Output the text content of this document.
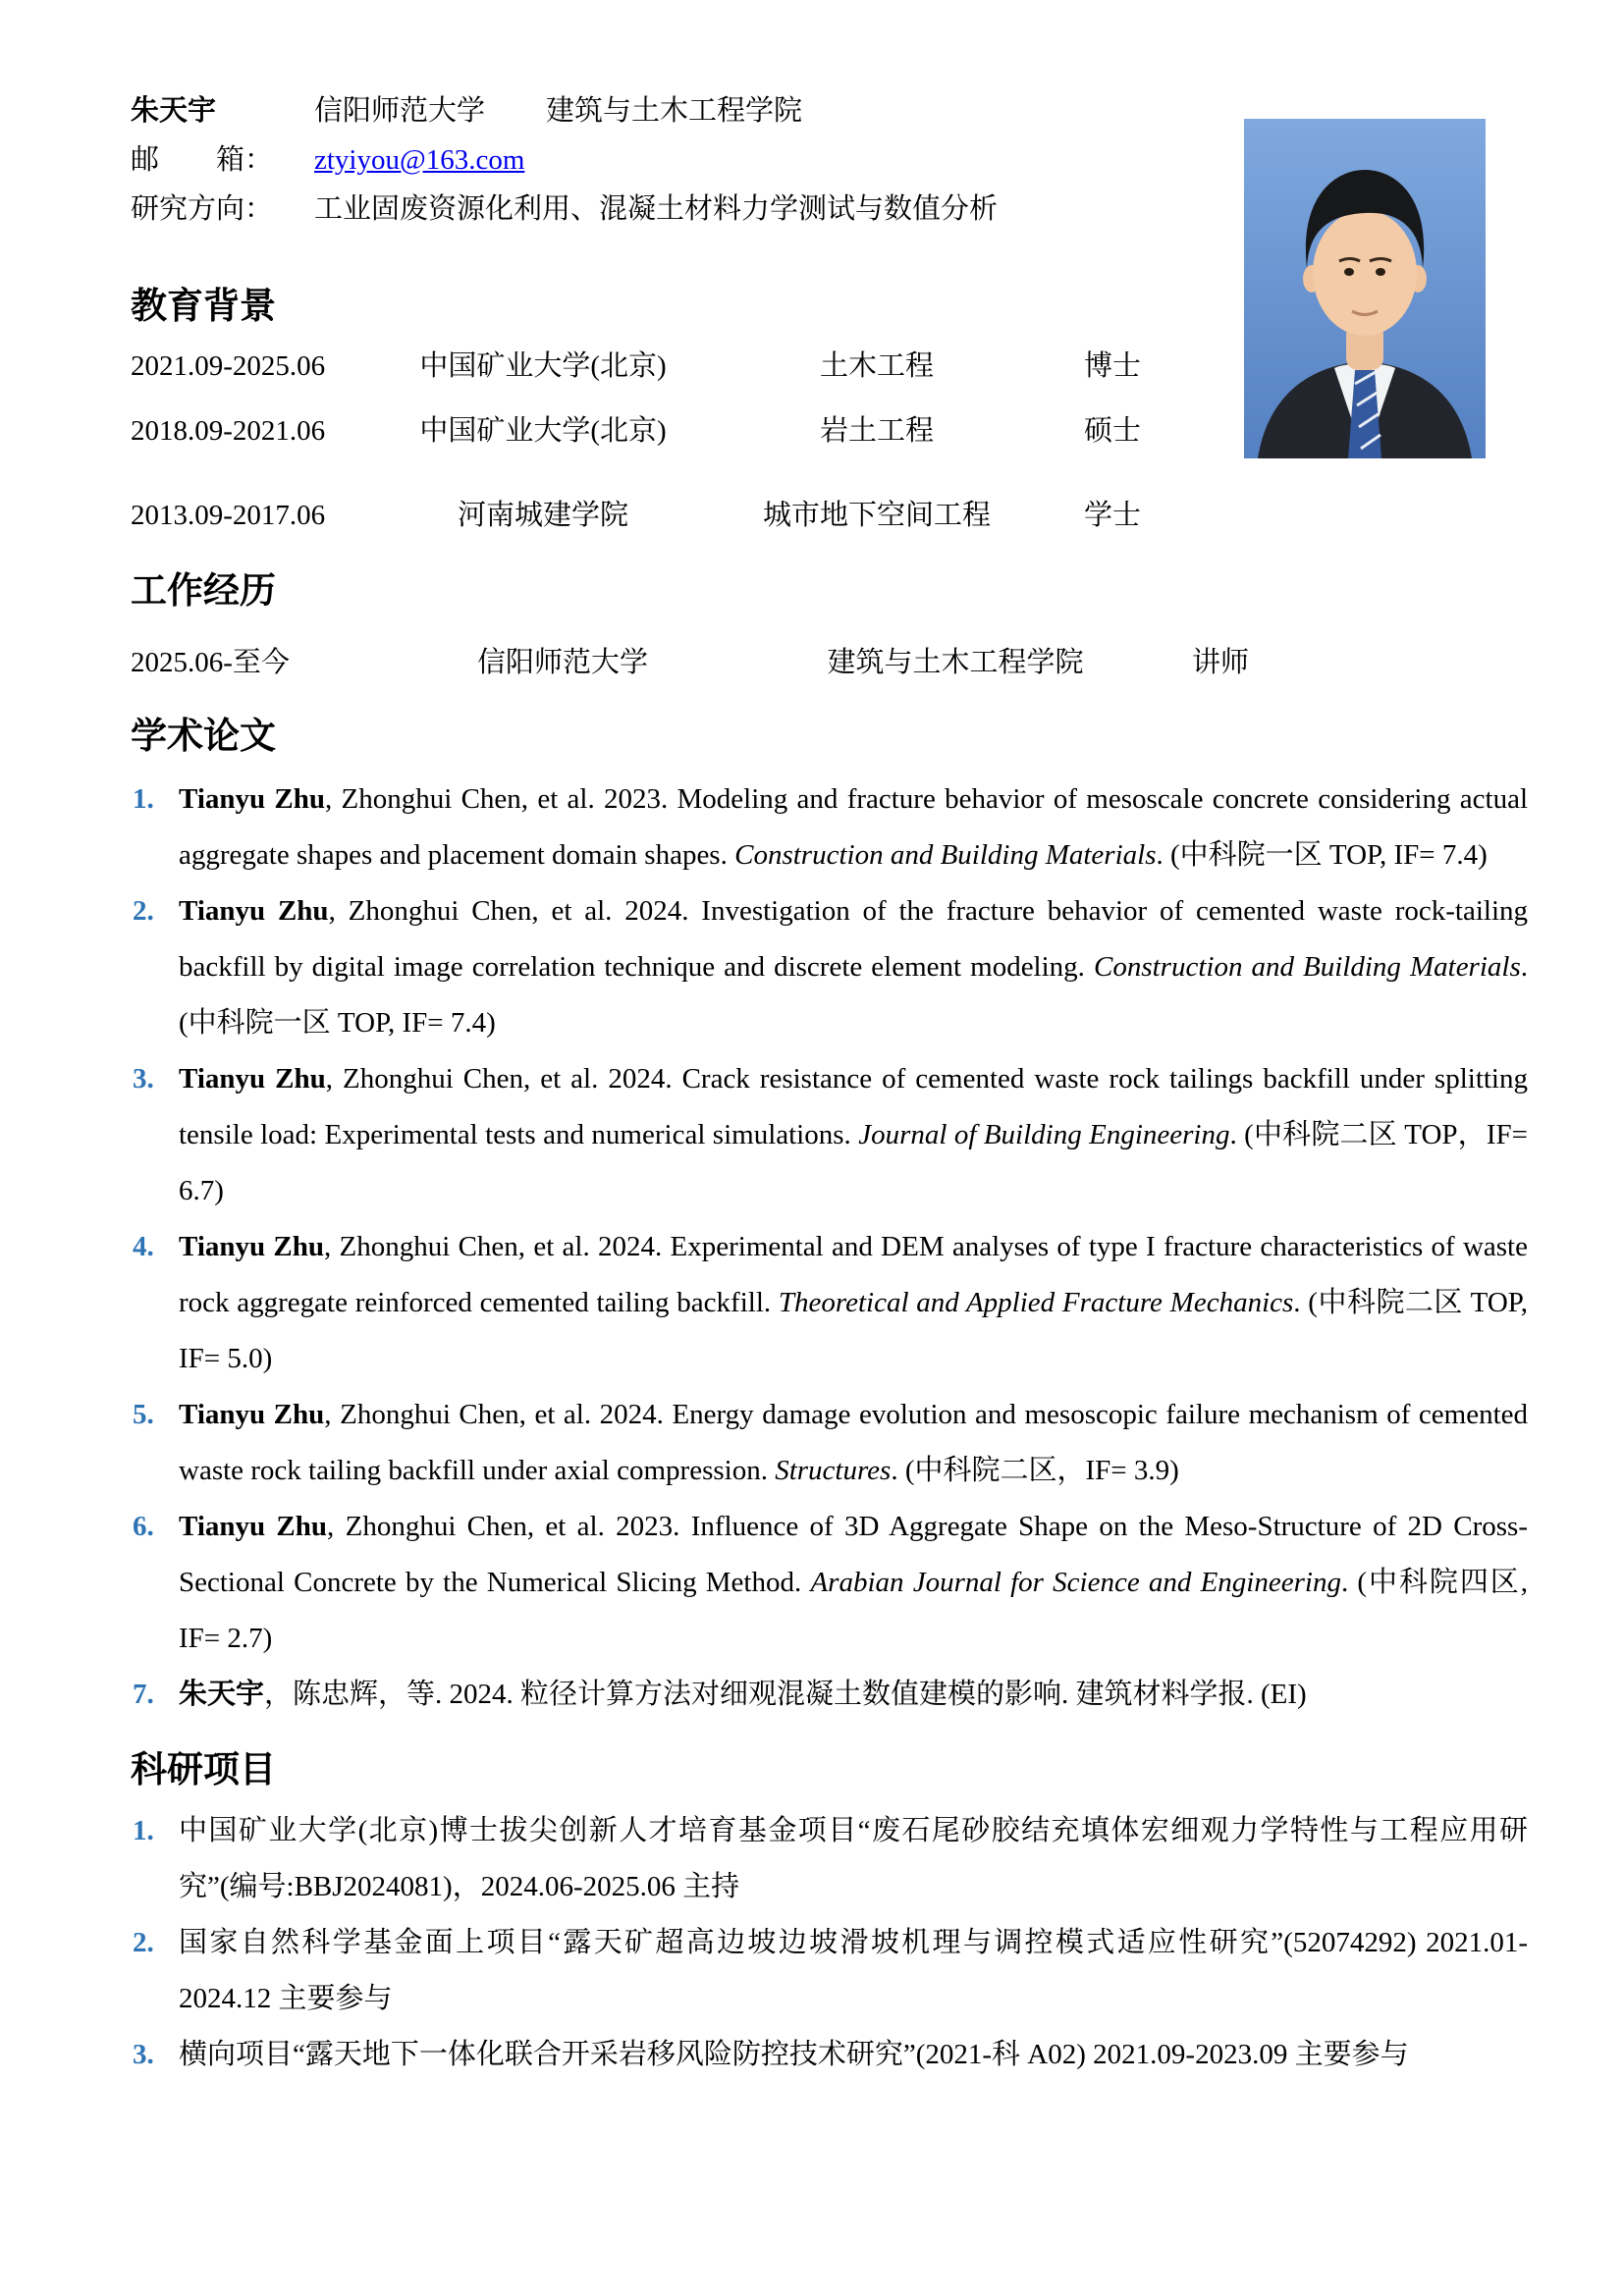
朱天宇	信阳师范大学 建筑与土木工程学院
邮　　箱：	ztyiyou@163.com
研究方向：	工业固废资源化利用、混凝土材料力学测试与数值分析
教育背景
2021.09-2025.06	中国矿业大学(北京)	土木工程	博士
2018.09-2021.06	中国矿业大学(北京)	岩土工程	硕士
2013.09-2017.06	河南城建学院	城市地下空间工程	学士
工作经历
2025.06-至今	信阳师范大学	建筑与土木工程学院	讲师
学术论文
1. Tianyu Zhu, Zhonghui Chen, et al. 2023. Modeling and fracture behavior of mesoscale concrete considering actual aggregate shapes and placement domain shapes. Construction and Building Materials. (中科院一区 TOP, IF= 7.4)
2. Tianyu Zhu, Zhonghui Chen, et al. 2024. Investigation of the fracture behavior of cemented waste rock-tailing backfill by digital image correlation technique and discrete element modeling. Construction and Building Materials. (中科院一区 TOP, IF= 7.4)
3. Tianyu Zhu, Zhonghui Chen, et al. 2024. Crack resistance of cemented waste rock tailings backfill under splitting tensile load: Experimental tests and numerical simulations. Journal of Building Engineering. (中科院二区 TOP，IF= 6.7)
4. Tianyu Zhu, Zhonghui Chen, et al. 2024. Experimental and DEM analyses of type I fracture characteristics of waste rock aggregate reinforced cemented tailing backfill. Theoretical and Applied Fracture Mechanics. (中科院二区 TOP, IF= 5.0)
5. Tianyu Zhu, Zhonghui Chen, et al. 2024. Energy damage evolution and mesoscopic failure mechanism of cemented waste rock tailing backfill under axial compression. Structures. (中科院二区，IF= 3.9)
6. Tianyu Zhu, Zhonghui Chen, et al. 2023. Influence of 3D Aggregate Shape on the Meso-Structure of 2D Cross-Sectional Concrete by the Numerical Slicing Method. Arabian Journal for Science and Engineering. (中科院四区, IF= 2.7)
7. 朱天宇，陈忠辉，等. 2024. 粒径计算方法对细观混凝土数值建模的影响. 建筑材料学报. (EI)
科研项目
1. 中国矿业大学(北京)博士拔尖创新人才培育基金项目“废石尾砂胶结充填体宏细观力学特性与工程应用研究”(编号:BBJ2024081)，2024.06-2025.06 主持
2. 国家自然科学基金面上项目“露天矿超高边坡边坡滑坡机理与调控模式适应性研究”(52074292) 2021.01-2024.12 主要参与
3. 横向项目“露天地下一体化联合开采岩移风险防控技术研究”(2021-科 A02) 2021.09-2023.09 主要参与
